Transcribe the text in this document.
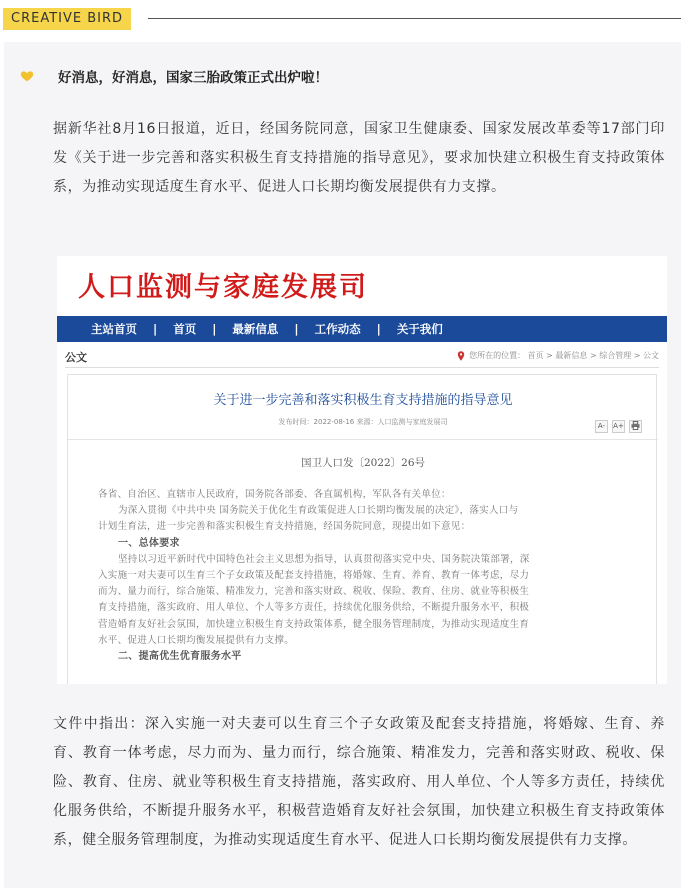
CREATIVE BIRD
好消息，好消息，国家三胎政策正式出炉啦！

据新华社8月16日报道，近日，经国务院同意，国家卫生健康委、国家发展改革委等17部门印发《关于进一步完善和落实积极生育支持措施的指导意见》，要求加快建立积极生育支持政策体系，为推动实现适度生育水平、促进人口长期均衡发展提供有力支撑。

人口监测与家庭发展司
主站首页 | 首页 | 最新信息 | 工作动态 | 关于我们
公文	您所在的位置： 首页 > 最新信息 > 综合管理 > 公文
关于进一步完善和落实积极生育支持措施的指导意见
发布时间：2022-08-16 来源：人口监测与家庭发展司	A-	A+
国卫人口发〔2022〕26号
各省、自治区、直辖市人民政府，国务院各部委、各直属机构，军队各有关单位：
为深入贯彻《中共中央 国务院关于优化生育政策促进人口长期均衡发展的决定》，落实人口与
计划生育法，进一步完善和落实积极生育支持措施，经国务院同意，现提出如下意见：
一、总体要求
坚持以习近平新时代中国特色社会主义思想为指导，认真贯彻落实党中央、国务院决策部署，深
入实施一对夫妻可以生育三个子女政策及配套支持措施，将婚嫁、生育、养育、教育一体考虑，尽力
而为、量力而行，综合施策、精准发力，完善和落实财政、税收、保险、教育、住房、就业等积极生
育支持措施，落实政府、用人单位、个人等多方责任，持续优化服务供给，不断提升服务水平，积极
营造婚育友好社会氛围，加快建立积极生育支持政策体系，健全服务管理制度，为推动实现适度生育
水平、促进人口长期均衡发展提供有力支撑。
二、提高优生优育服务水平

文件中指出：深入实施一对夫妻可以生育三个子女政策及配套支持措施，将婚嫁、生育、养育、教育一体考虑，尽力而为、量力而行，综合施策、精准发力，完善和落实财政、税收、保险、教育、住房、就业等积极生育支持措施，落实政府、用人单位、个人等多方责任，持续优化服务供给，不断提升服务水平，积极营造婚育友好社会氛围，加快建立积极生育支持政策体系，健全服务管理制度，为推动实现适度生育水平、促进人口长期均衡发展提供有力支撑。
